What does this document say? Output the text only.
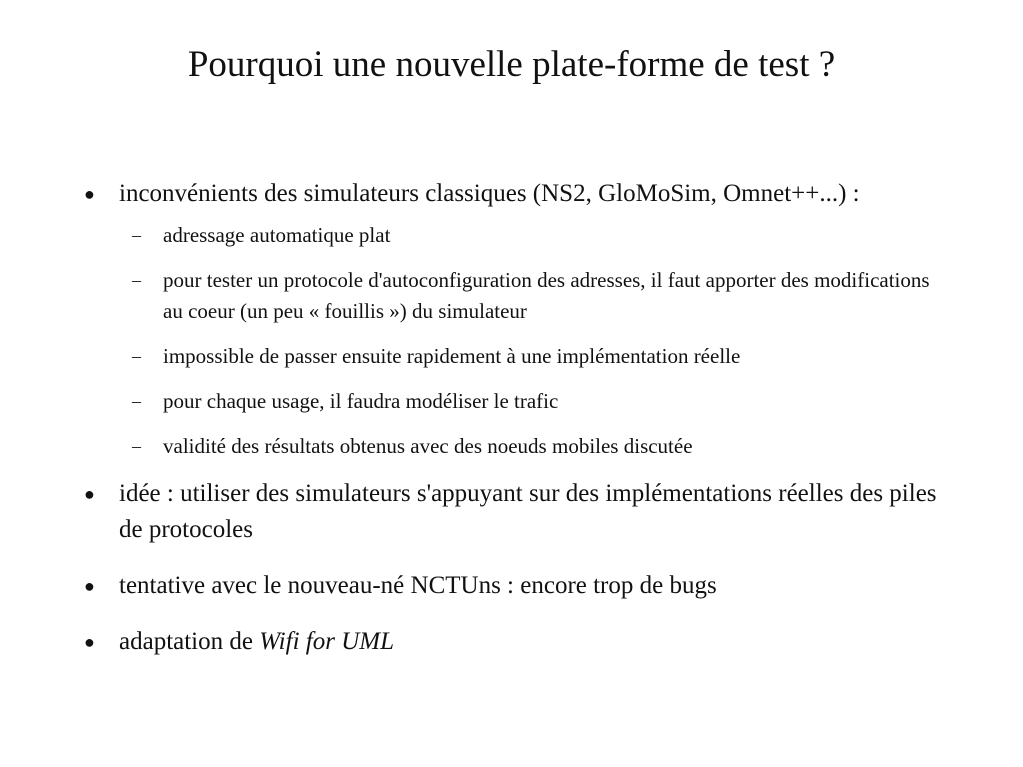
Pourquoi une nouvelle plate-forme de test ?
● inconvénients des simulateurs classiques (NS2, GloMoSim, Omnet++...) :
– adressage automatique plat
– pour tester un protocole d'autoconfiguration des adresses, il faut apporter des modifications au coeur (un peu « fouillis ») du simulateur
– impossible de passer ensuite rapidement à une implémentation réelle
– pour chaque usage, il faudra modéliser le trafic
– validité des résultats obtenus avec des noeuds mobiles discutée
● idée : utiliser des simulateurs s'appuyant sur des implémentations réelles des piles de protocoles
● tentative avec le nouveau-né NCTUns : encore trop de bugs
● adaptation de Wifi for UML
